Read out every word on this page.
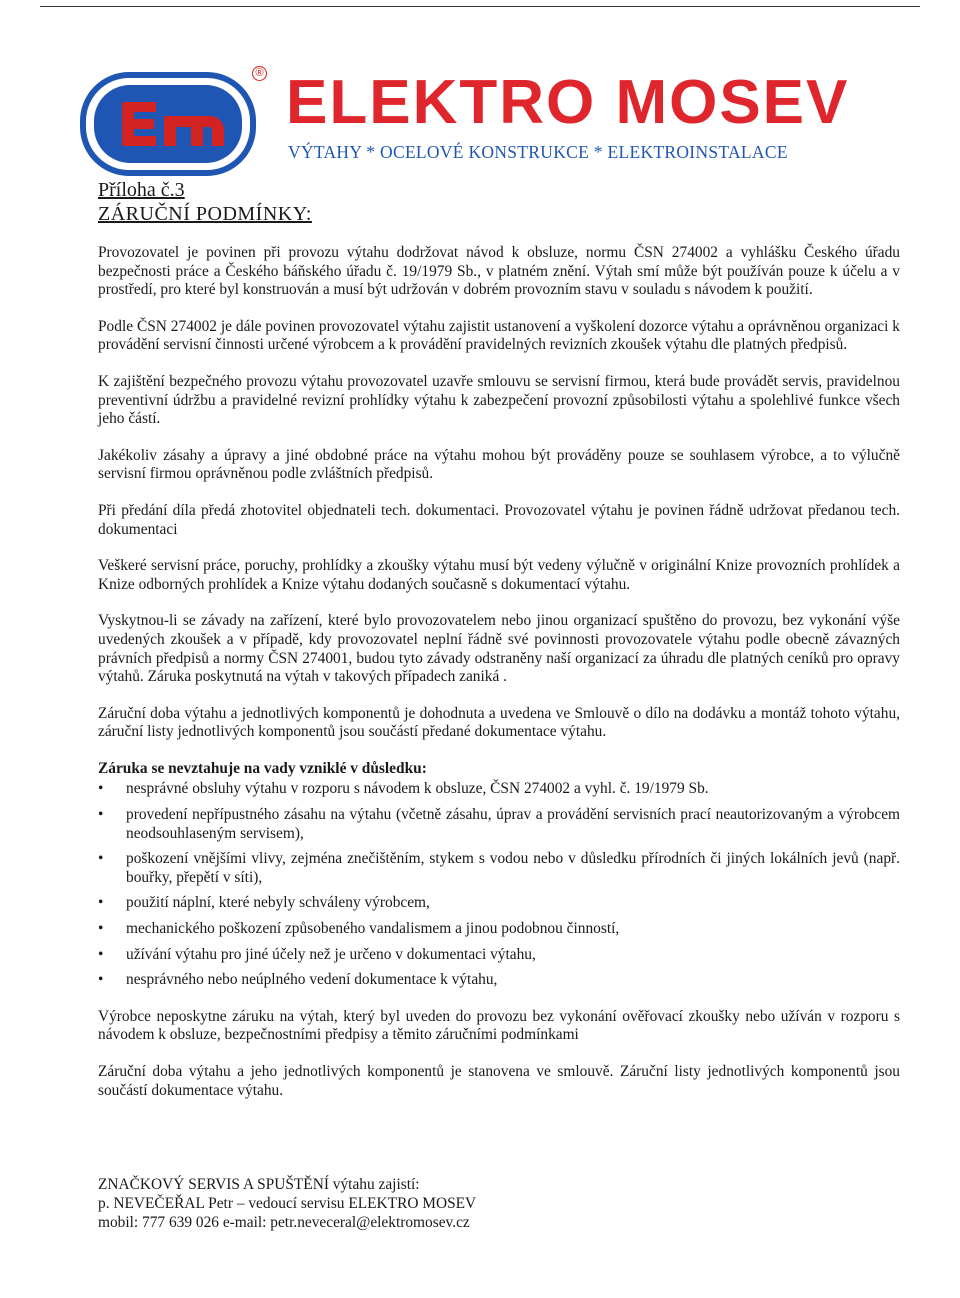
® ELEKTRO MOSEV
VÝTAHY * OCELOVÉ KONSTRUKCE * ELEKTROINSTALACE
Příloha č.3
ZÁRUČNÍ PODMÍNKY:

Provozovatel je povinen při provozu výtahu dodržovat návod k obsluze, normu ČSN 274002 a vyhlášku Českého úřadu bezpečnosti práce a Českého báňského úřadu č. 19/1979 Sb., v platném znění. Výtah smí může být používán pouze k účelu a v prostředí, pro které byl konstruován a musí být udržován v dobrém provozním stavu v souladu s návodem k použití.

Podle ČSN 274002 je dále povinen provozovatel výtahu zajistit ustanovení a vyškolení dozorce výtahu a oprávněnou organizaci k provádění servisní činnosti určené výrobcem a k provádění pravidelných revizních zkoušek výtahu dle platných předpisů.

K zajištění bezpečného provozu výtahu provozovatel uzavře smlouvu se servisní firmou, která bude provádět servis, pravidelnou preventivní údržbu a pravidelné revizní prohlídky výtahu k zabezpečení provozní způsobilosti výtahu a spolehlivé funkce všech jeho částí.

Jakékoliv zásahy a úpravy a jiné obdobné práce na výtahu mohou být prováděny pouze se souhlasem výrobce, a to výlučně servisní firmou oprávněnou podle zvláštních předpisů.

Při předání díla předá zhotovitel objednateli tech. dokumentaci. Provozovatel výtahu je povinen řádně udržovat předanou tech. dokumentaci

Veškeré servisní práce, poruchy, prohlídky a zkoušky výtahu musí být vedeny výlučně v originální Knize provozních prohlídek a Knize odborných prohlídek a Knize výtahu dodaných současně s dokumentací výtahu.

Vyskytnou-li se závady na zařízení, které bylo provozovatelem nebo jinou organizací spuštěno do provozu, bez vykonání výše uvedených zkoušek a v případě, kdy provozovatel neplní řádně své povinnosti provozovatele výtahu podle obecně závazných právních předpisů a normy ČSN 274001, budou tyto závady odstraněny naší organizací za úhradu dle platných ceníků pro opravy výtahů. Záruka poskytnutá na výtah v takových případech zaniká .

Záruční doba výtahu a jednotlivých komponentů je dohodnuta a uvedena ve Smlouvě o dílo na dodávku a montáž tohoto výtahu, záruční listy jednotlivých komponentů jsou součástí předané dokumentace výtahu.

Záruka se nevztahuje na vady vzniklé v důsledku:
• nesprávné obsluhy výtahu v rozporu s návodem k obsluze, ČSN 274002 a vyhl. č. 19/1979 Sb.
• provedení nepřípustného zásahu na výtahu (včetně zásahu, úprav a provádění servisních prací neautorizovaným a výrobcem neodsouhlaseným servisem),
• poškození vnějšími vlivy, zejména znečištěním, stykem s vodou nebo v důsledku přírodních či jiných lokálních jevů (např. bouřky, přepětí v síti),
• použití náplní, které nebyly schváleny výrobcem,
• mechanického poškození způsobeného vandalismem a jinou podobnou činností,
• užívání výtahu pro jiné účely než je určeno v dokumentaci výtahu,
• nesprávného nebo neúplného vedení dokumentace k výtahu,

Výrobce neposkytne záruku na výtah, který byl uveden do provozu bez vykonání ověřovací zkoušky nebo užíván v rozporu s návodem k obsluze, bezpečnostními předpisy a těmito záručními podmínkami

Záruční doba výtahu a jeho jednotlivých komponentů je stanovena ve smlouvě. Záruční listy jednotlivých komponentů jsou součástí dokumentace výtahu.

ZNAČKOVÝ SERVIS A SPUŠTĚNÍ výtahu zajistí:
p. NEVEČEŘAL Petr – vedoucí servisu ELEKTRO MOSEV
mobil: 777 639 026 e-mail: petr.neveceral@elektromosev.cz
